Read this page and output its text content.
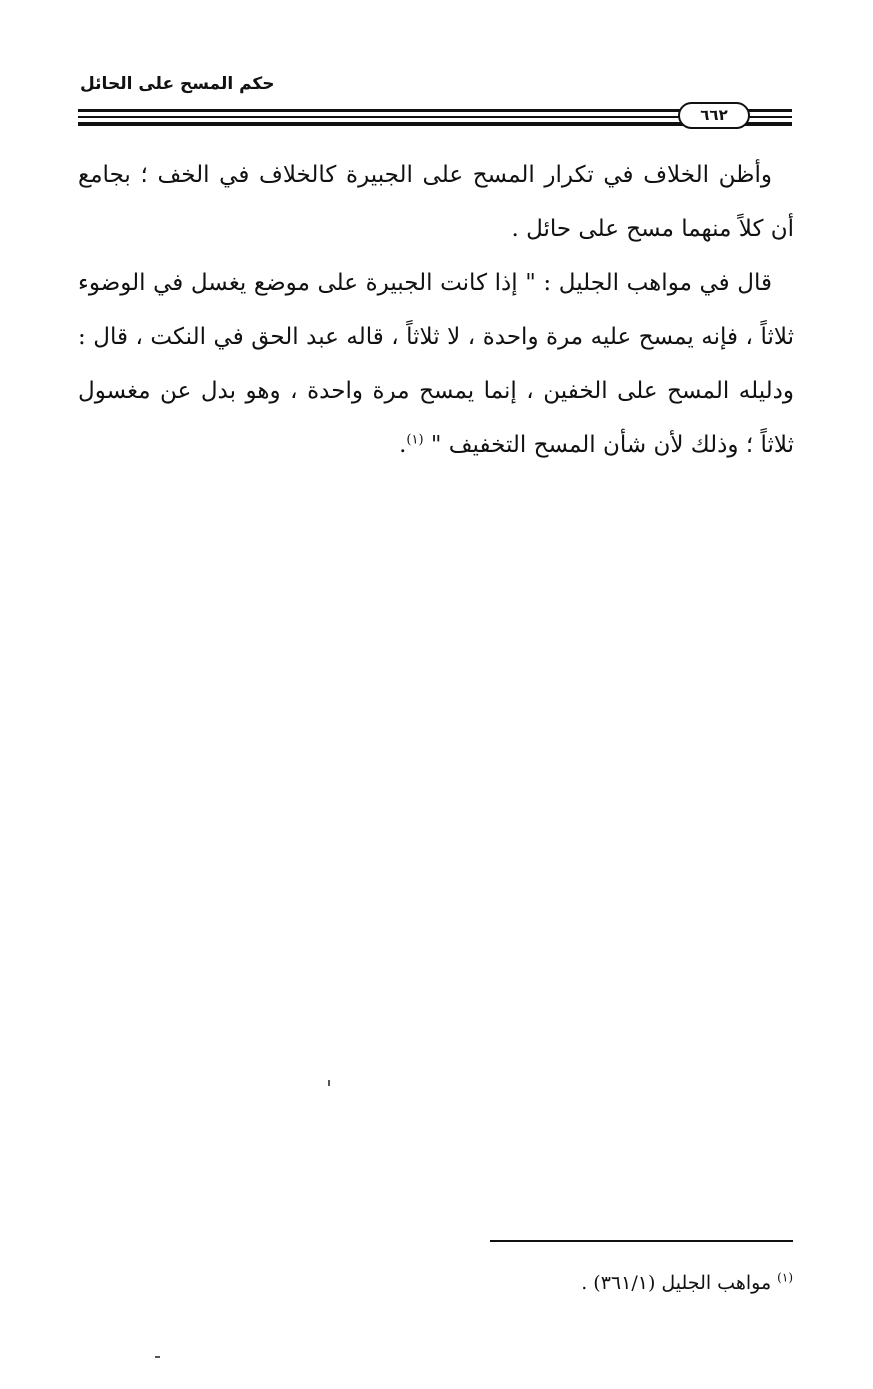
حكم المسح على الحائل
٦٦٢

وأظن الخلاف في تكرار المسح على الجبيرة كالخلاف في الخف ؛ بجامع أن كلاً منهما مسح على حائل .

قال في مواهب الجليل : " إذا كانت الجبيرة على موضع يغسل في الوضوء ثلاثاً ، فإنه يمسح عليه مرة واحدة ، لا ثلاثاً ، قاله عبد الحق في النكت ، قال : ودليله المسح على الخفين ، إنما يمسح مرة واحدة ، وهو بدل عن مغسول ثلاثاً ؛ وذلك لأن شأن المسح التخفيف " $^{(١)}$.

$^{(١)}$ مواهب الجليل (٣٦١/١) .
